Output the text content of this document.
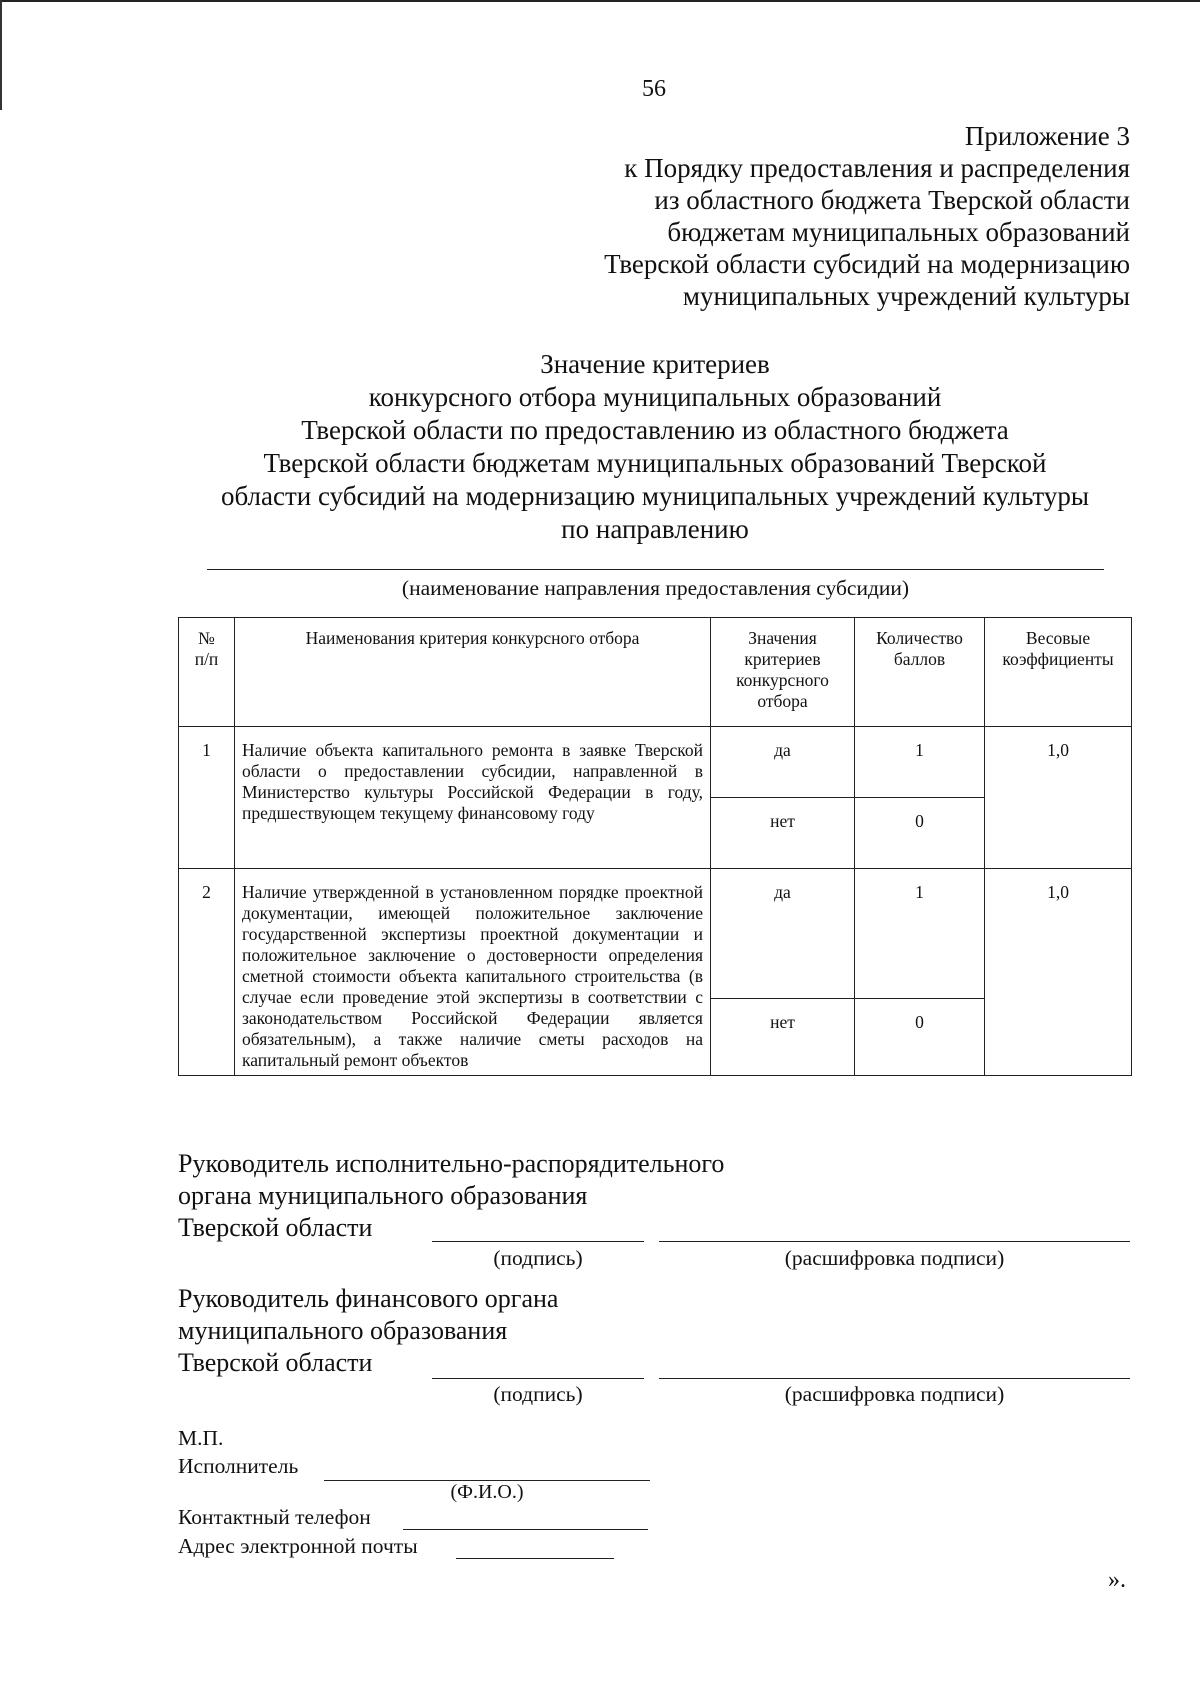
56
Приложение 3
к Порядку предоставления и распределения
из областного бюджета Тверской области
бюджетам муниципальных образований
Тверской области субсидий на модернизацию
муниципальных учреждений культуры
Значение критериев
конкурсного отбора муниципальных образований
Тверской области по предоставлению из областного бюджета
Тверской области бюджетам муниципальных образований Тверской
области субсидий на модернизацию муниципальных учреждений культуры
по направлению
(наименование направления предоставления субсидии)
№
п/п	Наименования критерия конкурсного отбора	Значения критериев конкурсного отбора	Количество баллов	Весовые коэффициенты
1	Наличие объекта капитального ремонта в заявке Тверской области о предоставлении субсидии, направленной в Министерство культуры Российской Федерации в году, предшествующем текущему финансовому году	да	1	1,0
		нет	0	
2	Наличие утвержденной в установленном порядке проектной документации, имеющей положительное заключение государственной экспертизы проектной документации и положительное заключение о достоверности определения сметной стоимости объекта капитального строительства (в случае если проведение этой экспертизы в соответствии с законодательством Российской Федерации является обязательным), а также наличие сметы расходов на капитальный ремонт объектов	да	1	1,0
		нет	0	
Руководитель исполнительно-распорядительного
органа муниципального образования
Тверской области
(подпись)	(расшифровка подписи)
Руководитель финансового органа
муниципального образования
Тверской области
(подпись)	(расшифровка подписи)
М.П.
Исполнитель
(Ф.И.О.)
Контактный телефон
Адрес электронной почты
».
